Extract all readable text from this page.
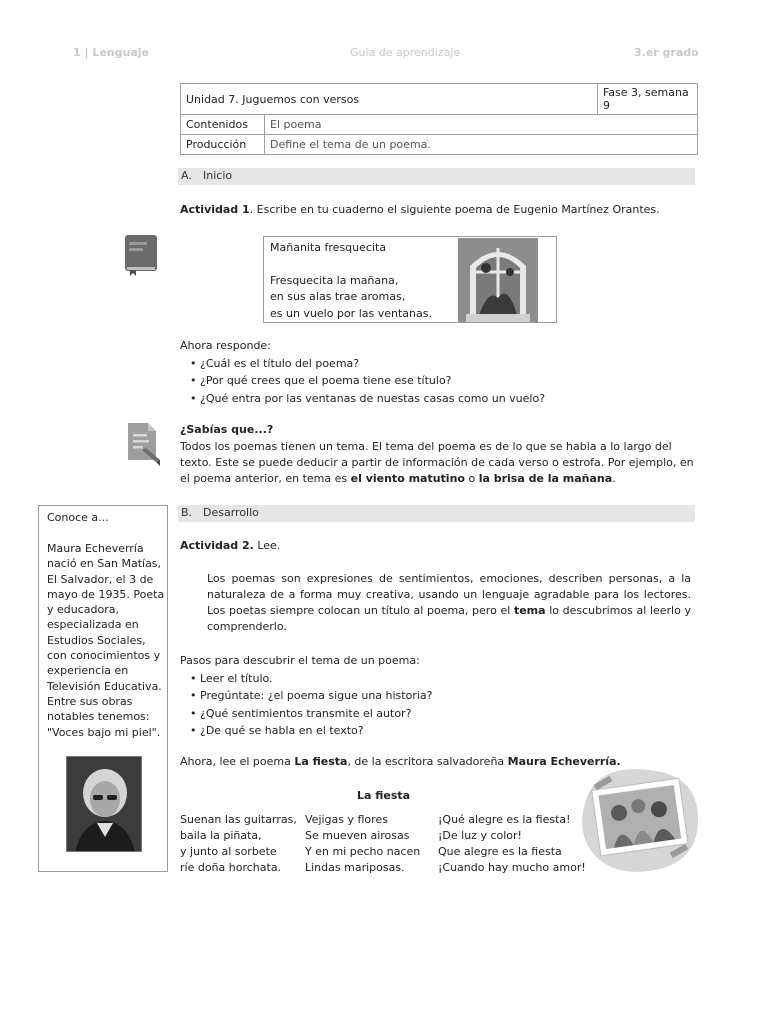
1 | Lenguaje	Guía de aprendizaje	3.er grado
Unidad 7. Juguemos con versos		Fase 3, semana 9
Contenidos	El poema	
Producción	Define el tema de un poema.	
A. Inicio
Actividad 1. Escribe en tu cuaderno el siguiente poema de Eugenio Martínez Orantes.
Mañanita fresquecita
Fresquecita la mañana,
en sus alas trae aromas,
es un vuelo por las ventanas.
Ahora responde:
• ¿Cuál es el título del poema?
• ¿Por qué crees que el poema tiene ese título?
• ¿Qué entra por las ventanas de nuestas casas como un vuelo?
¿Sabías que...?
Todos los poemas tienen un tema. El tema del poema es de lo que se habla a lo largo del texto. Este se puede deducir a partir de información de cada verso o estrofa. Por ejemplo, en el poema anterior, en tema es el viento matutino o la brisa de la mañana.
Conoce a...
Maura Echeverría nació en San Matías, El Salvador, el 3 de mayo de 1935. Poeta y educadora, especializada en Estudios Sociales, con conocimientos y experiencia en Televisión Educativa. Entre sus obras notables tenemos: "Voces bajo mi piel".
B. Desarrollo
Actividad 2. Lee.
Los poemas son expresiones de sentimientos, emociones, describen personas, a la naturaleza de a forma muy creativa, usando un lenguaje agradable para los lectores. Los poetas siempre colocan un título al poema, pero el tema lo descubrimos al leerlo y comprenderlo.
Pasos para descubrir el tema de un poema:
• Leer el título.
• Pregúntate: ¿el poema sigue una historia?
• ¿Qué sentimientos transmite el autor?
• ¿De qué se habla en el texto?
Ahora, lee el poema La fiesta, de la escritora salvadoreña Maura Echeverría.
La fiesta
Suenan las guitarras,
baila la piñata,
y junto al sorbete
ríe doña horchata.
Vejigas y flores
Se mueven airosas
Y en mi pecho nacen
Lindas mariposas.
¡Qué alegre es la fiesta!
¡De luz y color!
Que alegre es la fiesta
¡Cuando hay mucho amor!
